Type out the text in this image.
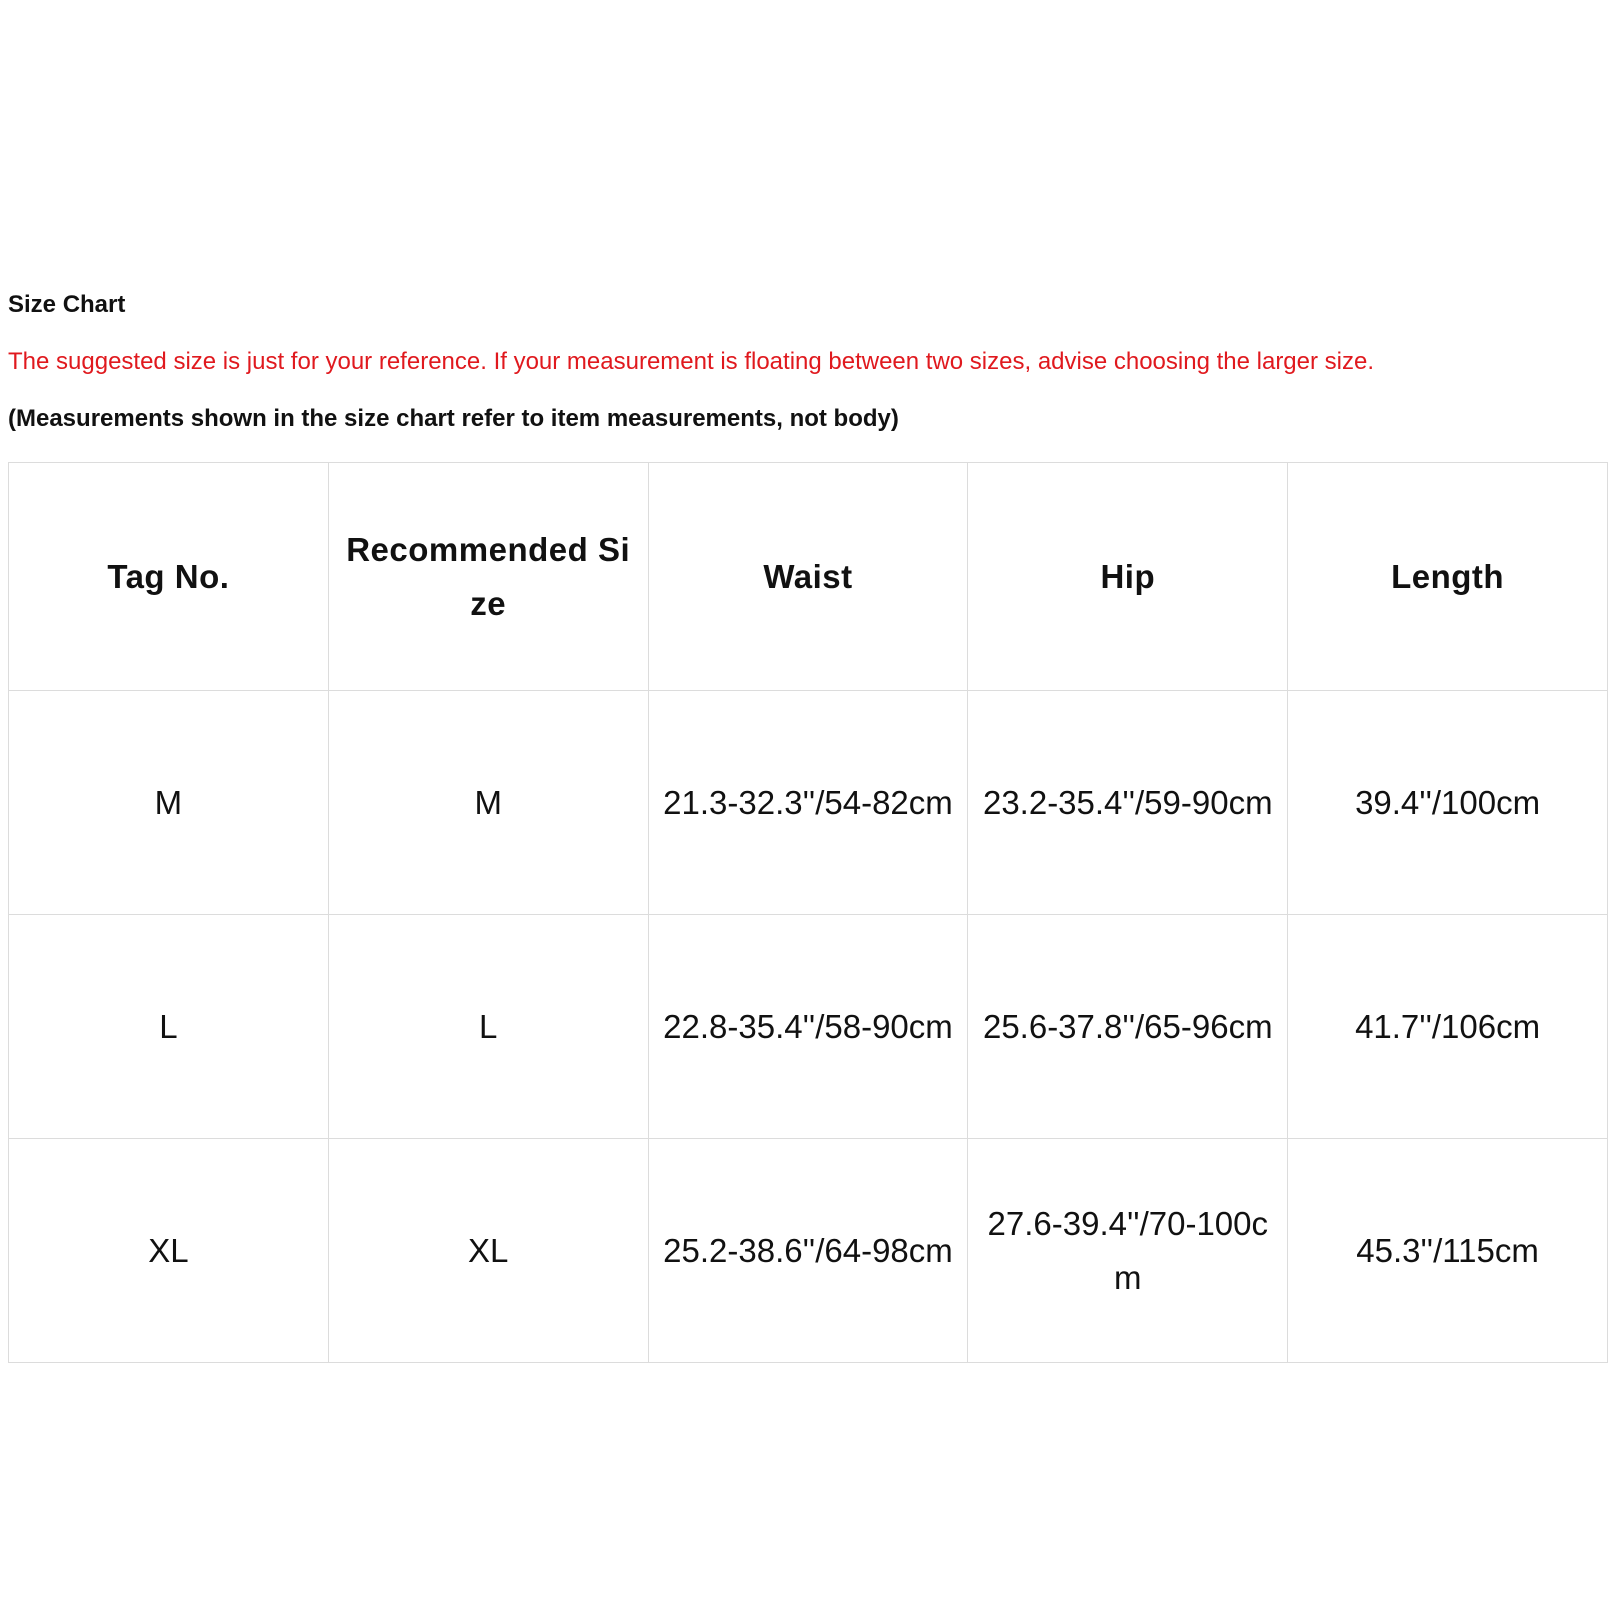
Size Chart
The suggested size is just for your reference. If your measurement is floating between two sizes, advise choosing the larger size.
(Measurements shown in the size chart refer to item measurements, not body)
Tag No.	Recommended Size	Waist	Hip	Length
M	M	21.3-32.3''/54-82cm	23.2-35.4''/59-90cm	39.4''/100cm
L	L	22.8-35.4''/58-90cm	25.6-37.8''/65-96cm	41.7''/106cm
XL	XL	25.2-38.6''/64-98cm	27.6-39.4''/70-100cm	45.3''/115cm
